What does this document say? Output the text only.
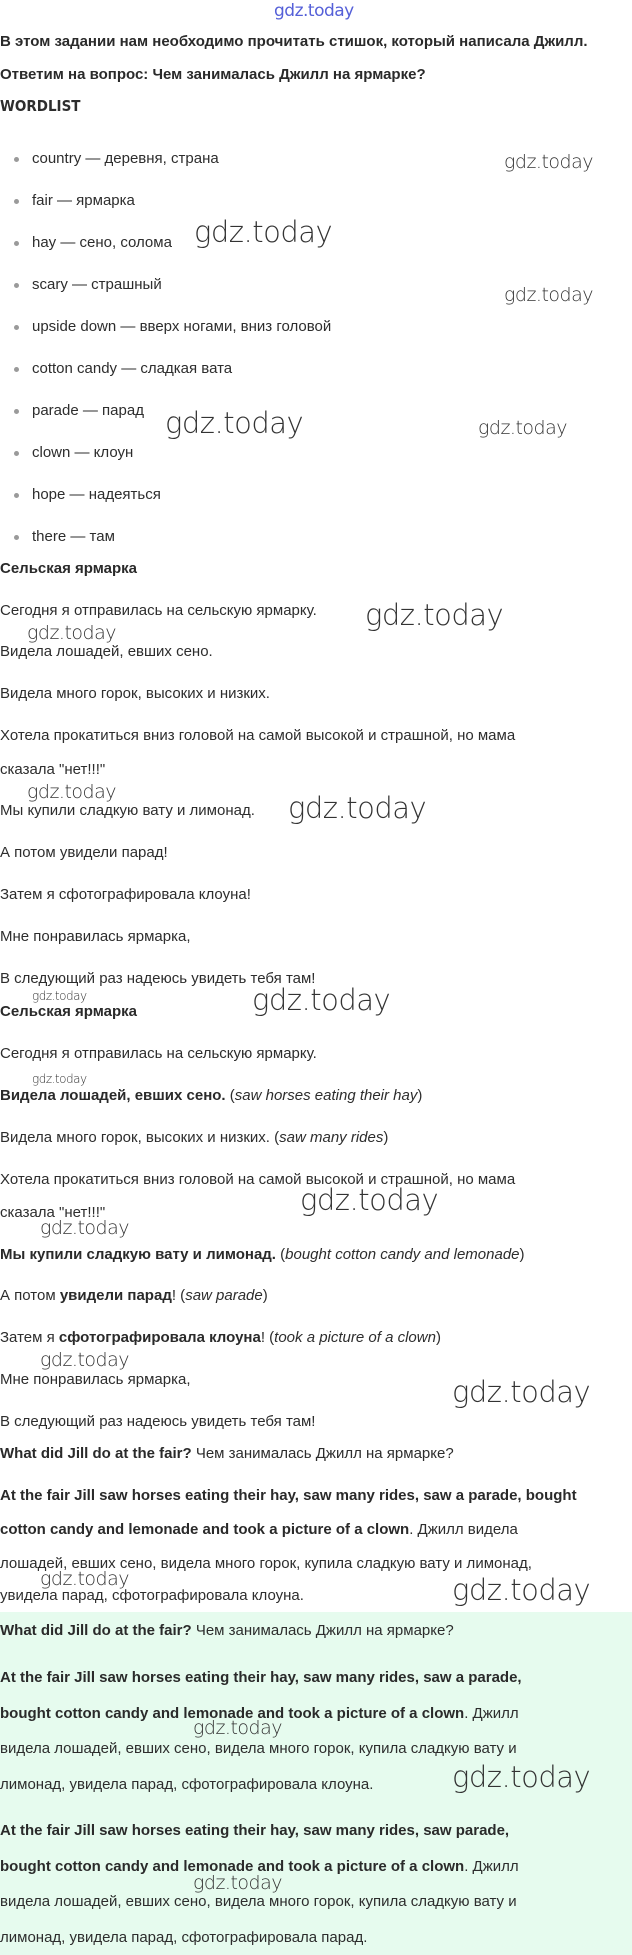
gdz.today
В этом задании нам необходимо прочитать стишок, который написала Джилл.
Ответим на вопрос: Чем занималась Джилл на ярмарке?
WORDLIST
country — деревня, страна
fair — ярмарка
hay — сено, солома
scary — страшный
upside down — вверх ногами, вниз головой
cotton candy — сладкая вата
parade — парад
clown — клоун
hope — надеяться
there — там
Сельская ярмарка
Сегодня я отправилась на сельскую ярмарку.
Видела лошадей, евших сено.
Видела много горок, высоких и низких.
Хотела прокатиться вниз головой на самой высокой и страшной, но мама
сказала "нет!!!"
Мы купили сладкую вату и лимонад.
А потом увидели парад!
Затем я сфотографировала клоуна!
Мне понравилась ярмарка,
В следующий раз надеюсь увидеть тебя там!
Сельская ярмарка
Сегодня я отправилась на сельскую ярмарку.
Видела лошадей, евших сено. (saw horses eating their hay)
Видела много горок, высоких и низких. (saw many rides)
Хотела прокатиться вниз головой на самой высокой и страшной, но мама
сказала "нет!!!"
Мы купили сладкую вату и лимонад. (bought cotton candy and lemonade)
А потом увидели парад! (saw parade)
Затем я сфотографировала клоуна! (took a picture of a clown)
Мне понравилась ярмарка,
В следующий раз надеюсь увидеть тебя там!
What did Jill do at the fair? Чем занималась Джилл на ярмарке?
At the fair Jill saw horses eating their hay, saw many rides, saw a parade, bought
cotton candy and lemonade and took a picture of a clown. Джилл видела
лошадей, евших сено, видела много горок, купила сладкую вату и лимонад,
увидела парад, сфотографировала клоуна.
What did Jill do at the fair? Чем занималась Джилл на ярмарке?
At the fair Jill saw horses eating their hay, saw many rides, saw a parade,
bought cotton candy and lemonade and took a picture of a clown. Джилл
видела лошадей, евших сено, видела много горок, купила сладкую вату и
лимонад, увидела парад, сфотографировала клоуна.
At the fair Jill saw horses eating their hay, saw many rides, saw parade,
bought cotton candy and lemonade and took a picture of a clown. Джилл
видела лошадей, евших сено, видела много горок, купила сладкую вату и
лимонад, увидела парад, сфотографировала парад.
gdz.today
gdz.today
gdz.today
gdz.today	gdz.today
gdz.today
gdz.today
gdz.today	gdz.today
gdz.today	gdz.today
gdz.today
gdz.today
gdz.today
gdz.today
gdz.today
gdz.today	gdz.today
gdz.today
gdz.today
gdz.today
